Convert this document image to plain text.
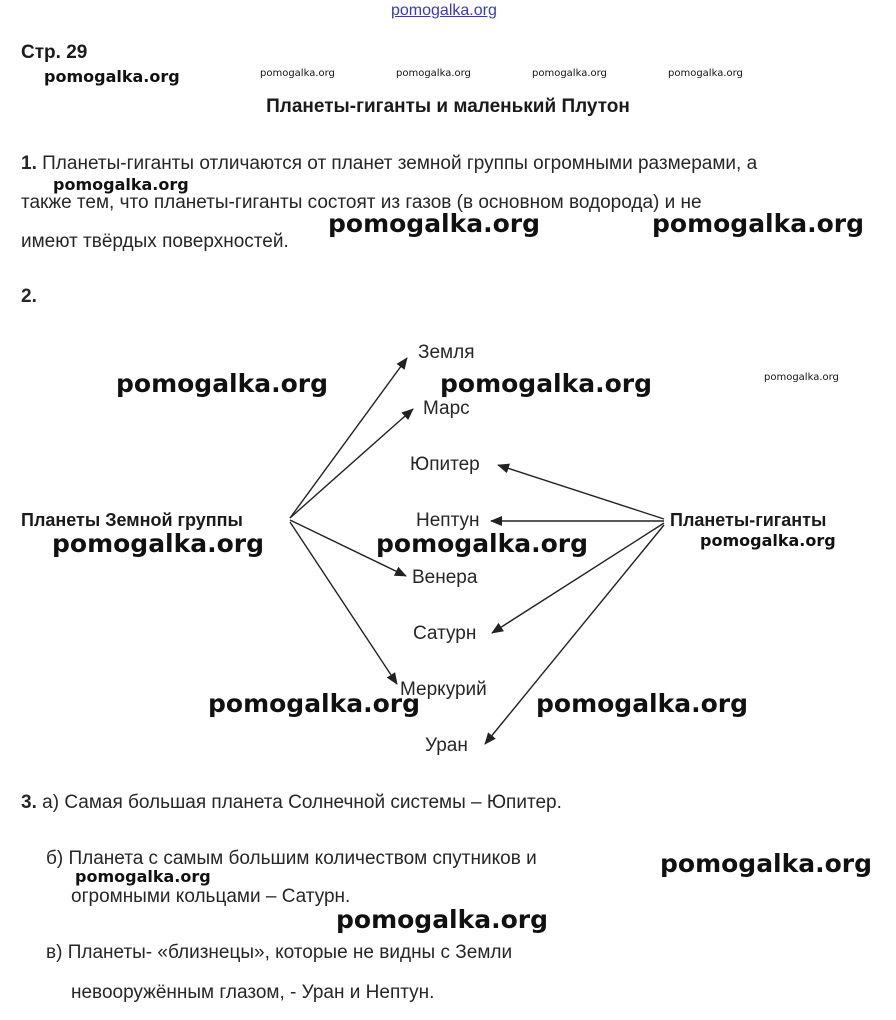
pomogalka.org
Стр. 29
pomogalka.org	pomogalka.org	pomogalka.org	pomogalka.org	pomogalka.org
Планеты-гиганты и маленький Плутон
1. Планеты-гиганты отличаются от планет земной группы огромными размерами, а
pomogalka.org
также тем, что планеты-гиганты состоят из газов (в основном водорода) и не
имеют твёрдых поверхностей.
pomogalka.org	pomogalka.org
2.
Земля
Марс
Юпитер
Нептун
Венера
Сатурн
Меркурий
Уран
Планеты Земной группы	Планеты-гиганты
pomogalka.org	pomogalka.org	pomogalka.org
pomogalka.org	pomogalka.org	pomogalka.org
pomogalka.org	pomogalka.org
3. а) Самая большая планета Солнечной системы – Юпитер.
б) Планета с самым большим количеством спутников и
pomogalka.org
огромными кольцами – Сатурн.
pomogalka.org
pomogalka.org
в) Планеты- «близнецы», которые не видны с Земли
невооружённым глазом, - Уран и Нептун.
